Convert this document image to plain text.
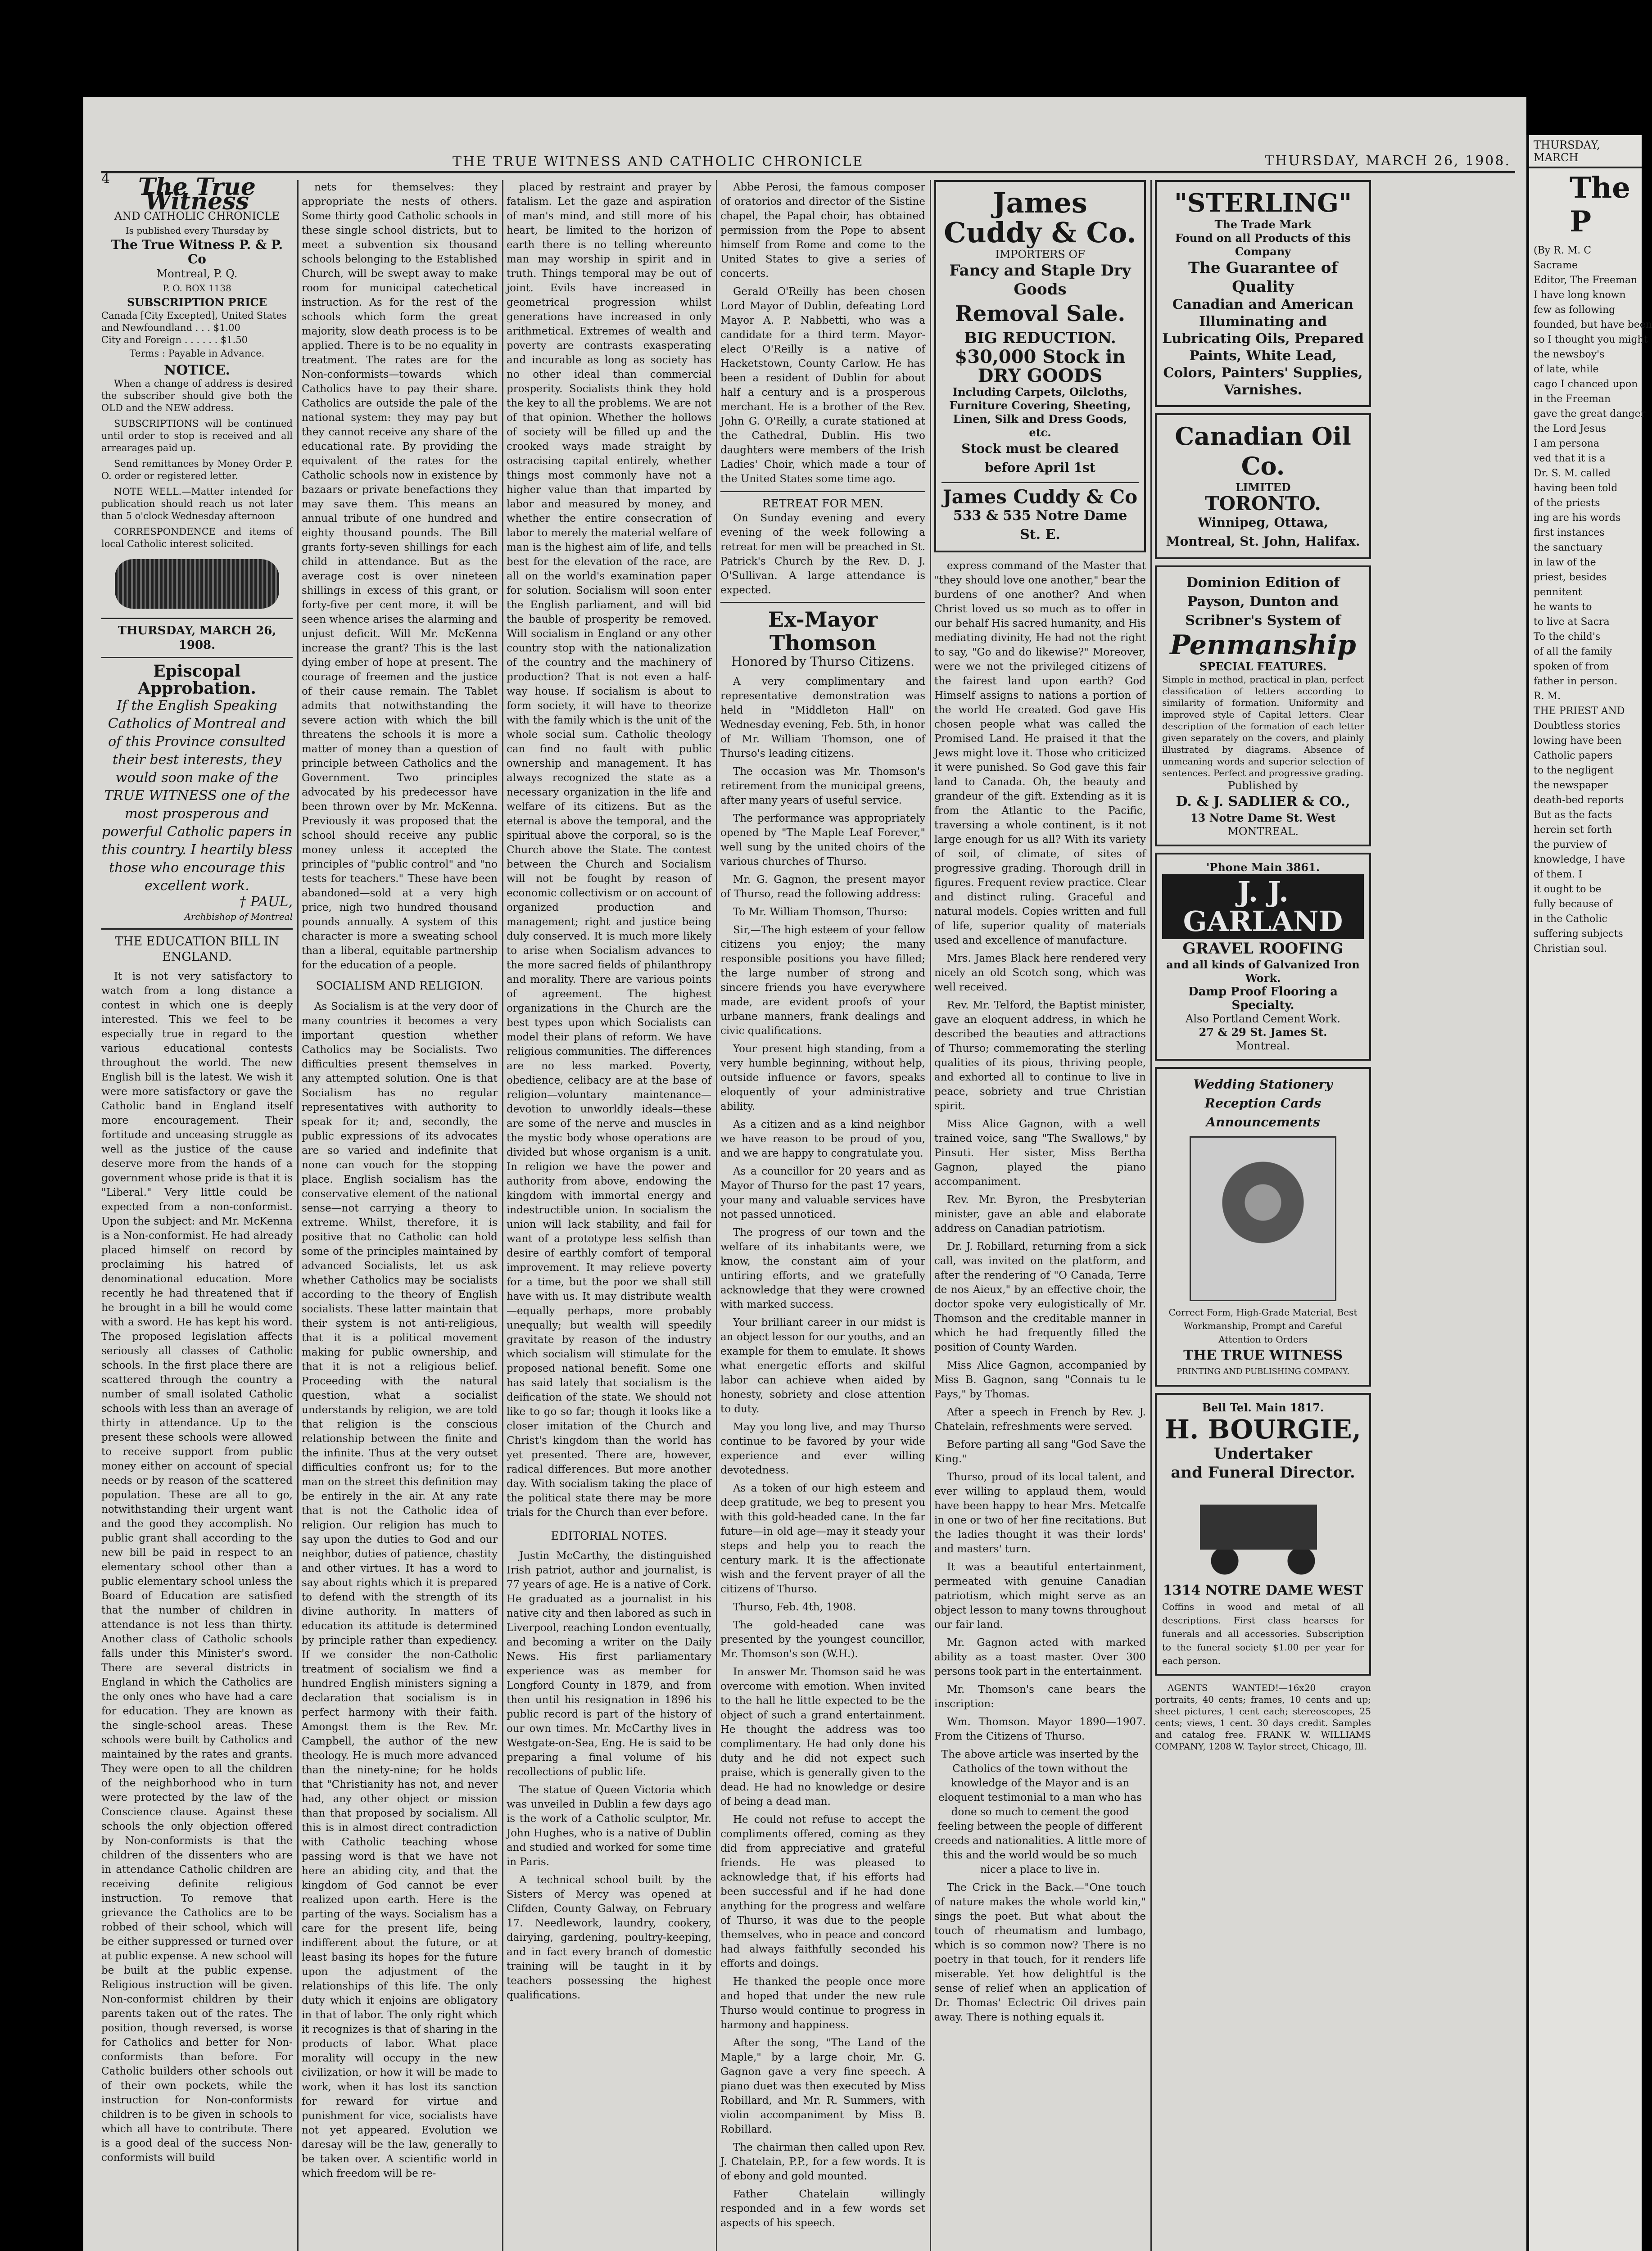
4
THE TRUE WITNESS AND CATHOLIC CHRONICLE	THURSDAY, MARCH 26, 1908.
The True Witness
AND CATHOLIC CHRONICLE
Is published every Thursday by
The True Witness P. & P. Co
Montreal, P. Q.
P. O. BOX 1138
SUBSCRIPTION PRICE
Canada [City Excepted], United States and Newfoundland . . . $1.00
City and Foreign . . . . . . $1.50
Terms : Payable in Advance.
NOTICE.

When a change of address is desired the subscriber should give both the OLD and the NEW address.

SUBSCRIPTIONS will be continued until order to stop is received and all arrearages paid up.

Send remittances by Money Order P. O. order or registered letter.

NOTE WELL.—Matter intended for publication should reach us not later than 5 o'clock Wednesday afternoon

CORRESPONDENCE and items of local Catholic interest solicited.

THURSDAY, MARCH 26, 1908.
Episcopal Approbation.
If the English Speaking Catholics of Montreal and of this Province consulted their best interests, they would soon make of the TRUE WITNESS one of the most prosperous and powerful Catholic papers in this country. I heartily bless those who encourage this excellent work.
† PAUL,
Archbishop of Montreal
THE EDUCATION BILL IN ENGLAND.

It is not very satisfactory to watch from a long distance a contest in which one is deeply interested. This we feel to be especially true in regard to the various educational contests throughout the world. The new English bill is the latest. We wish it were more satisfactory or gave the Catholic band in England itself more encouragement. Their fortitude and unceasing struggle as well as the justice of the cause deserve more from the hands of a government whose pride is that it is "Liberal." Very little could be expected from a non-conformist. Upon the subject: and Mr. McKenna is a Non-conformist. He had already placed himself on record by proclaiming his hatred of denominational education. More recently he had threatened that if he brought in a bill he would come with a sword. He has kept his word. The proposed legislation affects seriously all classes of Catholic schools. In the first place there are scattered through the country a number of small isolated Catholic schools with less than an average of thirty in attendance. Up to the present these schools were allowed to receive support from public money either on account of special needs or by reason of the scattered population. These are all to go, notwithstanding their urgent want and the good they accomplish. No public grant shall according to the new bill be paid in respect to an elementary school other than a public elementary school unless the Board of Education are satisfied that the number of children in attendance is not less than thirty. Another class of Catholic schools falls under this Minister's sword. There are several districts in England in which the Catholics are the only ones who have had a care for education. They are known as the single-school areas. These schools were built by Catholics and maintained by the rates and grants. They were open to all the children of the neighborhood who in turn were protected by the law of the Conscience clause. Against these schools the only objection offered by Non-conformists is that the children of the dissenters who are in attendance Catholic children are receiving definite religious instruction. To remove that grievance the Catholics are to be robbed of their school, which will be either suppressed or turned over at public expense. A new school will be built at the public expense. Religious instruction will be given. Non-conformist children by their parents taken out of the rates. The position, though reversed, is worse for Catholics and better for Non-conformists than before. For Catholic builders other schools out of their own pockets, while the instruction for Non-conformists children is to be given in schools to which all have to contribute. There is a good deal of the success Non-conformists will build

nets for themselves: they appropriate the nests of others. Some thirty good Catholic schools in these single school districts, but to meet a subvention six thousand schools belonging to the Established Church, will be swept away to make room for municipal catechetical instruction. As for the rest of the schools which form the great majority, slow death process is to be applied. There is to be no equality in treatment. The rates are for the Non-conformists—towards which Catholics have to pay their share. Catholics are outside the pale of the national system: they may pay but they cannot receive any share of the educational rate. By providing the equivalent of the rates for the Catholic schools now in existence by bazaars or private benefactions they may save them. This means an annual tribute of one hundred and eighty thousand pounds. The Bill grants forty-seven shillings for each child in attendance. But as the average cost is over nineteen shillings in excess of this grant, or forty-five per cent more, it will be seen whence arises the alarming and unjust deficit. Will Mr. McKenna increase the grant? This is the last dying ember of hope at present. The courage of freemen and the justice of their cause remain. The Tablet admits that notwithstanding the severe action with which the bill threatens the schools it is more a matter of money than a question of principle between Catholics and the Government. Two principles advocated by his predecessor have been thrown over by Mr. McKenna. Previously it was proposed that the school should receive any public money unless it accepted the principles of "public control" and "no tests for teachers." These have been abandoned—sold at a very high price, nigh two hundred thousand pounds annually. A system of this character is more a sweating school than a liberal, equitable partnership for the education of a people.

SOCIALISM AND RELIGION.

As Socialism is at the very door of many countries it becomes a very important question whether Catholics may be Socialists. Two difficulties present themselves in any attempted solution. One is that Socialism has no regular representatives with authority to speak for it; and, secondly, the public expressions of its advocates are so varied and indefinite that none can vouch for the stopping place. English socialism has the conservative element of the national sense—not carrying a theory to extreme. Whilst, therefore, it is positive that no Catholic can hold some of the principles maintained by advanced Socialists, let us ask whether Catholics may be socialists according to the theory of English socialists. These latter maintain that their system is not anti-religious, that it is a political movement making for public ownership, and that it is not a religious belief. Proceeding with the natural question, what a socialist understands by religion, we are told that religion is the conscious relationship between the finite and the infinite. Thus at the very outset difficulties confront us; for to the man on the street this definition may be entirely in the air. At any rate that is not the Catholic idea of religion. Our religion has much to say upon the duties to God and our neighbor, duties of patience, chastity and other virtues. It has a word to say about rights which it is prepared to defend with the strength of its divine authority. In matters of education its attitude is determined by principle rather than expediency. If we consider the non-Catholic treatment of socialism we find a hundred English ministers signing a declaration that socialism is in perfect harmony with their faith. Amongst them is the Rev. Mr. Campbell, the author of the new theology. He is much more advanced than the ninety-nine; for he holds that "Christianity has not, and never had, any other object or mission than that proposed by socialism. All this is in almost direct contradiction with Catholic teaching whose passing word is that we have not here an abiding city, and that the kingdom of God cannot be ever realized upon earth. Here is the parting of the ways. Socialism has a care for the present life, being indifferent about the future, or at least basing its hopes for the future upon the adjustment of the relationships of this life. The only duty which it enjoins are obligatory in that of labor. The only right which it recognizes is that of sharing in the products of labor. What place morality will occupy in the new civilization, or how it will be made to work, when it has lost its sanction for reward for virtue and punishment for vice, socialists have not yet appeared. Evolution we daresay will be the law, generally to be taken over. A scientific world in which freedom will be re-

placed by restraint and prayer by fatalism. Let the gaze and aspiration of man's mind, and still more of his heart, be limited to the horizon of earth there is no telling whereunto man may worship in spirit and in truth. Things temporal may be out of joint. Evils have increased in geometrical progression whilst generations have increased in only arithmetical. Extremes of wealth and poverty are contrasts exasperating and incurable as long as society has no other ideal than commercial prosperity. Socialists think they hold the key to all the problems. We are not of that opinion. Whether the hollows of society will be filled up and the crooked ways made straight by ostracising capital entirely, whether things most commonly have not a higher value than that imparted by labor and measured by money, and whether the entire consecration of labor to merely the material welfare of man is the highest aim of life, and tells best for the elevation of the race, are all on the world's examination paper for solution. Socialism will soon enter the English parliament, and will bid the bauble of prosperity be removed. Will socialism in England or any other country stop with the nationalization of the country and the machinery of production? That is not even a half-way house. If socialism is about to form society, it will have to theorize with the family which is the unit of the whole social sum. Catholic theology can find no fault with public ownership and management. It has always recognized the state as a necessary organization in the life and welfare of its citizens. But as the eternal is above the temporal, and the spiritual above the corporal, so is the Church above the State. The contest between the Church and Socialism will not be fought by reason of economic collectivism or on account of organized production and management; right and justice being duly conserved. It is much more likely to arise when Socialism advances to the more sacred fields of philanthropy and morality. There are various points of agreement. The highest organizations in the Church are the best types upon which Socialists can model their plans of reform. We have religious communities. The differences are no less marked. Poverty, obedience, celibacy are at the base of religion—voluntary maintenance—devotion to unworldly ideals—these are some of the nerve and muscles in the mystic body whose operations are divided but whose organism is a unit. In religion we have the power and authority from above, endowing the kingdom with immortal energy and indestructible union. In socialism the union will lack stability, and fail for want of a prototype less selfish than desire of earthly comfort of temporal improvement. It may relieve poverty for a time, but the poor we shall still have with us. It may distribute wealth—equally perhaps, more probably unequally; but wealth will speedily gravitate by reason of the industry which socialism will stimulate for the proposed national benefit. Some one has said lately that socialism is the deification of the state. We should not like to go so far; though it looks like a closer imitation of the Church and Christ's kingdom than the world has yet presented. There are, however, radical differences. But more another day. With socialism taking the place of the political state there may be more trials for the Church than ever before.

EDITORIAL NOTES.

Justin McCarthy, the distinguished Irish patriot, author and journalist, is 77 years of age. He is a native of Cork. He graduated as a journalist in his native city and then labored as such in Liverpool, reaching London eventually, and becoming a writer on the Daily News. His first parliamentary experience was as member for Longford County in 1879, and from then until his resignation in 1896 his public record is part of the history of our own times. Mr. McCarthy lives in Westgate-on-Sea, Eng. He is said to be preparing a final volume of his recollections of public life.

The statue of Queen Victoria which was unveiled in Dublin a few days ago is the work of a Catholic sculptor, Mr. John Hughes, who is a native of Dublin and studied and worked for some time in Paris.

A technical school built by the Sisters of Mercy was opened at Clifden, County Galway, on February 17. Needlework, laundry, cookery, dairying, gardening, poultry-keeping, and in fact every branch of domestic training will be taught in it by teachers possessing the highest qualifications.

Abbe Perosi, the famous composer of oratorios and director of the Sistine chapel, the Papal choir, has obtained permission from the Pope to absent himself from Rome and come to the United States to give a series of concerts.

Gerald O'Reilly has been chosen Lord Mayor of Dublin, defeating Lord Mayor A. P. Nabbetti, who was a candidate for a third term. Mayor-elect O'Reilly is a native of Hacketstown, County Carlow. He has been a resident of Dublin for about half a century and is a prosperous merchant. He is a brother of the Rev. John G. O'Reilly, a curate stationed at the Cathedral, Dublin. His two daughters were members of the Irish Ladies' Choir, which made a tour of the United States some time ago.

RETREAT FOR MEN.

On Sunday evening and every evening of the week following a retreat for men will be preached in St. Patrick's Church by the Rev. D. J. O'Sullivan. A large attendance is expected.

Ex-Mayor Thomson
Honored by Thurso Citizens.

A very complimentary and representative demonstration was held in "Middleton Hall" on Wednesday evening, Feb. 5th, in honor of Mr. William Thomson, one of Thurso's leading citizens.

The occasion was Mr. Thomson's retirement from the municipal greens, after many years of useful service.

The performance was appropriately opened by "The Maple Leaf Forever," well sung by the united choirs of the various churches of Thurso.

Mr. G. Gagnon, the present mayor of Thurso, read the following address:

To Mr. William Thomson, Thurso:

Sir,—The high esteem of your fellow citizens you enjoy; the many responsible positions you have filled; the large number of strong and sincere friends you have everywhere made, are evident proofs of your urbane manners, frank dealings and civic qualifications.

Your present high standing, from a very humble beginning, without help, outside influence or favors, speaks eloquently of your administrative ability.

As a citizen and as a kind neighbor we have reason to be proud of you, and we are happy to congratulate you.

As a councillor for 20 years and as Mayor of Thurso for the past 17 years, your many and valuable services have not passed unnoticed.

The progress of our town and the welfare of its inhabitants were, we know, the constant aim of your untiring efforts, and we gratefully acknowledge that they were crowned with marked success.

Your brilliant career in our midst is an object lesson for our youths, and an example for them to emulate. It shows what energetic efforts and skilful labor can achieve when aided by honesty, sobriety and close attention to duty.

May you long live, and may Thurso continue to be favored by your wide experience and ever willing devotedness.

As a token of our high esteem and deep gratitude, we beg to present you with this gold-headed cane. In the far future—in old age—may it steady your steps and help you to reach the century mark. It is the affectionate wish and the fervent prayer of all the citizens of Thurso.

Thurso, Feb. 4th, 1908.

The gold-headed cane was presented by the youngest councillor, Mr. Thomson's son (W.H.).

In answer Mr. Thomson said he was overcome with emotion. When invited to the hall he little expected to be the object of such a grand entertainment. He thought the address was too complimentary. He had only done his duty and he did not expect such praise, which is generally given to the dead. He had no knowledge or desire of being a dead man.

He could not refuse to accept the compliments offered, coming as they did from appreciative and grateful friends. He was pleased to acknowledge that, if his efforts had been successful and if he had done anything for the progress and welfare of Thurso, it was due to the people themselves, who in peace and concord had always faithfully seconded his efforts and doings.

He thanked the people once more and hoped that under the new rule Thurso would continue to progress in harmony and happiness.

After the song, "The Land of the Maple," by a large choir, Mr. G. Gagnon gave a very fine speech. A piano duet was then executed by Miss Robillard, and Mr. R. Summers, with violin accompaniment by Miss B. Robillard.

The chairman then called upon Rev. J. Chatelain, P.P., for a few words. It is of ebony and gold mounted.

Father Chatelain willingly responded and in a few words set aspects of his speech.

James Cuddy & Co.
IMPORTERS OF
Fancy and Staple Dry Goods
Removal Sale.
BIG REDUCTION.
$30,000 Stock in DRY GOODS
Including Carpets, Oilcloths, Furniture Covering, Sheeting, Linen, Silk and Dress Goods, etc.
Stock must be cleared before April 1st
James Cuddy & Co
533 & 535 Notre Dame St. E.

express command of the Master that "they should love one another," bear the burdens of one another? And when Christ loved us so much as to offer in our behalf His sacred humanity, and His mediating divinity, He had not the right to say, "Go and do likewise?" Moreover, were we not the privileged citizens of the fairest land upon earth? God Himself assigns to nations a portion of the world He created. God gave His chosen people what was called the Promised Land. He praised it that the Jews might love it. Those who criticized it were punished. So God gave this fair land to Canada. Oh, the beauty and grandeur of the gift. Extending as it is from the Atlantic to the Pacific, traversing a whole continent, is it not large enough for us all? With its variety of soil, of climate, of sites of progressive grading. Thorough drill in figures. Frequent review practice. Clear and distinct ruling. Graceful and natural models. Copies written and full of life, superior quality of materials used and excellence of manufacture.

Mrs. James Black here rendered very nicely an old Scotch song, which was well received.

Rev. Mr. Telford, the Baptist minister, gave an eloquent address, in which he described the beauties and attractions of Thurso; commemorating the sterling qualities of its pious, thriving people, and exhorted all to continue to live in peace, sobriety and true Christian spirit.

Miss Alice Gagnon, with a well trained voice, sang "The Swallows," by Pinsuti. Her sister, Miss Bertha Gagnon, played the piano accompaniment.

Rev. Mr. Byron, the Presbyterian minister, gave an able and elaborate address on Canadian patriotism.

Dr. J. Robillard, returning from a sick call, was invited on the platform, and after the rendering of "O Canada, Terre de nos Aieux," by an effective choir, the doctor spoke very eulogistically of Mr. Thomson and the creditable manner in which he had frequently filled the position of County Warden.

Miss Alice Gagnon, accompanied by Miss B. Gagnon, sang "Connais tu le Pays," by Thomas.

After a speech in French by Rev. J. Chatelain, refreshments were served.

Before parting all sang "God Save the King."

Thurso, proud of its local talent, and ever willing to applaud them, would have been happy to hear Mrs. Metcalfe in one or two of her fine recitations. But the ladies thought it was their lords' and masters' turn.

It was a beautiful entertainment, permeated with genuine Canadian patriotism, which might serve as an object lesson to many towns throughout our fair land.

Mr. Gagnon acted with marked ability as a toast master. Over 300 persons took part in the entertainment.

Mr. Thomson's cane bears the inscription:

Wm. Thomson. Mayor 1890—1907. From the Citizens of Thurso.

The above article was inserted by the Catholics of the town without the knowledge of the Mayor and is an eloquent testimonial to a man who has done so much to cement the good feeling between the people of different creeds and nationalities. A little more of this and the world would be so much nicer a place to live in.

The Crick in the Back.—"One touch of nature makes the whole world kin," sings the poet. But what about the touch of rheumatism and lumbago, which is so common now? There is no poetry in that touch, for it renders life miserable. Yet how delightful is the sense of relief when an application of Dr. Thomas' Eclectric Oil drives pain away. There is nothing equals it.

"STERLING"
The Trade Mark
Found on all Products of this Company
The Guarantee of Quality
Canadian and American Illuminating and Lubricating Oils, Prepared Paints, White Lead, Colors, Painters' Supplies, Varnishes.
Canadian Oil Co.
LIMITED
TORONTO.
Winnipeg, Ottawa, Montreal, St. John, Halifax.
Dominion Edition of
Payson, Dunton and Scribner's System of
Penmanship
SPECIAL FEATURES.
Simple in method, practical in plan, perfect classification of letters according to similarity of formation. Uniformity and improved style of Capital letters. Clear description of the formation of each letter given separately on the covers, and plainly illustrated by diagrams. Absence of unmeaning words and superior selection of sentences. Perfect and progressive grading.
Published by
D. & J. SADLIER & CO.,
13 Notre Dame St. West
MONTREAL.
'Phone Main 3861.
J. J. GARLAND
GRAVEL ROOFING
and all kinds of Galvanized Iron Work.
Damp Proof Flooring a Specialty.
Also Portland Cement Work.
27 & 29 St. James St.
Montreal.
Wedding Stationery
Reception Cards
Announcements
Correct Form, High-Grade Material, Best Workmanship, Prompt and Careful Attention to Orders
THE TRUE WITNESS
PRINTING AND PUBLISHING COMPANY.
Bell Tel. Main 1817.
H. BOURGIE,
Undertaker
and Funeral Director.
1314 NOTRE DAME WEST
Coffins in wood and metal of all descriptions. First class hearses for funerals and all accessories. Subscription to the funeral society $1.00 per year for each person.

AGENTS WANTED!—16x20 crayon portraits, 40 cents; frames, 10 cents and up; sheet pictures, 1 cent each; stereoscopes, 25 cents; views, 1 cent. 30 days credit. Samples and catalog free. FRANK W. WILLIAMS COMPANY, 1208 W. Taylor street, Chicago, Ill.

THURSDAY, MARCH
The P
(By R. M. C
Sacrame
Editor, The Freeman
I have long known
few as following
founded, but have been
so I thought you might
the newsboy's
of late, while
cago I chanced upon
in the Freeman
gave the great danger
the Lord Jesus
I am persona
ved that it is a
Dr. S. M. called
having been told
of the priests
ing are his words
first instances
the sanctuary
in law of the
priest, besides
pennitent
he wants to
to live at Sacra
To the child's
of all the family
spoken of from
father in person.
R. M.
THE PRIEST AND
Doubtless stories
lowing have been
Catholic papers
to the negligent
the newspaper
death-bed reports
But as the facts
herein set forth
the purview of
knowledge, I have
of them. I
it ought to be
fully because of
in the Catholic
suffering subjects
Christian soul.
